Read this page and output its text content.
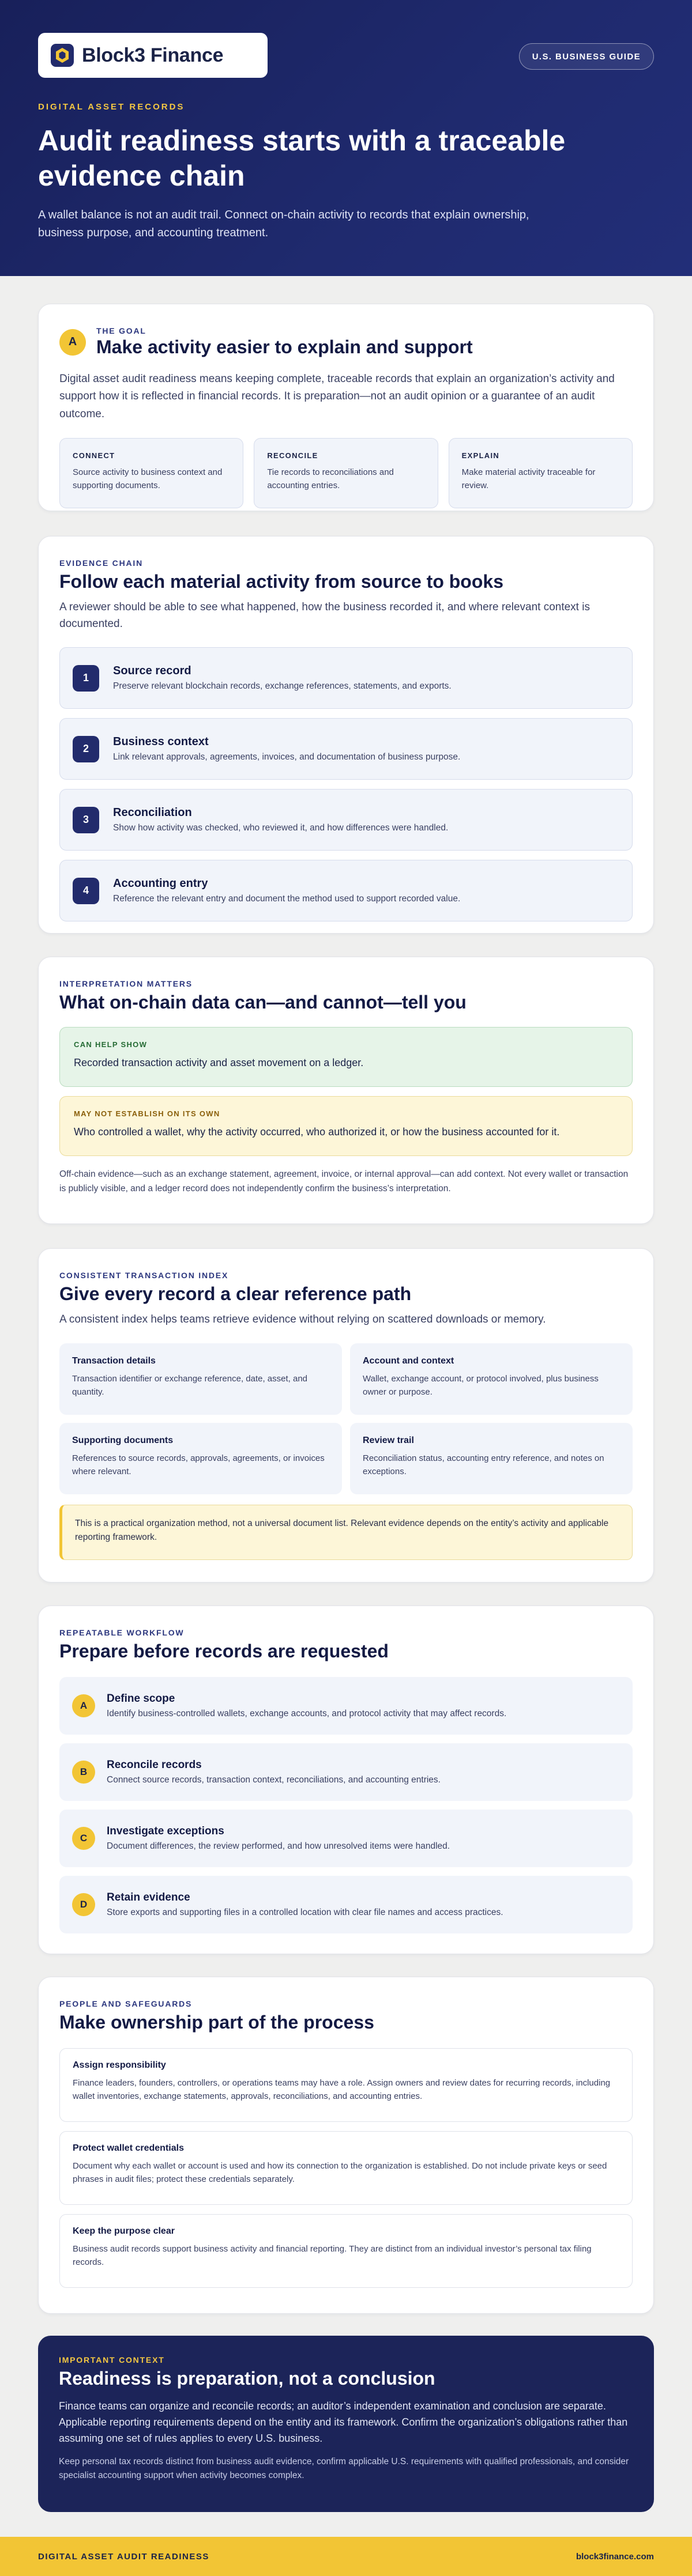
Block3 Finance	U.S. BUSINESS GUIDE
DIGITAL ASSET RECORDS
Audit readiness starts with a traceable evidence chain

A wallet balance is not an audit trail. Connect on-chain activity to records that explain ownership, business purpose, and accounting treatment.

A
THE GOAL
Make activity easier to explain and support

Digital asset audit readiness means keeping complete, traceable records that explain an organization’s activity and support how it is reflected in financial records. It is preparation—not an audit opinion or a guarantee of an audit outcome.

CONNECT
Source activity to business context and supporting documents.
RECONCILE
Tie records to reconciliations and accounting entries.
EXPLAIN
Make material activity traceable for review.
EVIDENCE CHAIN
Follow each material activity from source to books

A reviewer should be able to see what happened, how the business recorded it, and where relevant context is documented.

1
Source record
Preserve relevant blockchain records, exchange references, statements, and exports.
2
Business context
Link relevant approvals, agreements, invoices, and documentation of business purpose.
3
Reconciliation
Show how activity was checked, who reviewed it, and how differences were handled.
4
Accounting entry
Reference the relevant entry and document the method used to support recorded value.
INTERPRETATION MATTERS
What on-chain data can—and cannot—tell you
CAN HELP SHOW
Recorded transaction activity and asset movement on a ledger.
MAY NOT ESTABLISH ON ITS OWN
Who controlled a wallet, why the activity occurred, who authorized it, or how the business accounted for it.

Off-chain evidence—such as an exchange statement, agreement, invoice, or internal approval—can add context. Not every wallet or transaction is publicly visible, and a ledger record does not independently confirm the business’s interpretation.

CONSISTENT TRANSACTION INDEX
Give every record a clear reference path

A consistent index helps teams retrieve evidence without relying on scattered downloads or memory.

Transaction details
Transaction identifier or exchange reference, date, asset, and quantity.
Account and context
Wallet, exchange account, or protocol involved, plus business owner or purpose.
Supporting documents
References to source records, approvals, agreements, or invoices where relevant.
Review trail
Reconciliation status, accounting entry reference, and notes on exceptions.
This is a practical organization method, not a universal document list. Relevant evidence depends on the entity’s activity and applicable reporting framework.
REPEATABLE WORKFLOW
Prepare before records are requested
A
Define scope
Identify business-controlled wallets, exchange accounts, and protocol activity that may affect records.
B
Reconcile records
Connect source records, transaction context, reconciliations, and accounting entries.
C
Investigate exceptions
Document differences, the review performed, and how unresolved items were handled.
D
Retain evidence
Store exports and supporting files in a controlled location with clear file names and access practices.
PEOPLE AND SAFEGUARDS
Make ownership part of the process
Assign responsibility
Finance leaders, founders, controllers, or operations teams may have a role. Assign owners and review dates for recurring records, including wallet inventories, exchange statements, approvals, reconciliations, and accounting entries.
Protect wallet credentials
Document why each wallet or account is used and how its connection to the organization is established. Do not include private keys or seed phrases in audit files; protect these credentials separately.
Keep the purpose clear
Business audit records support business activity and financial reporting. They are distinct from an individual investor’s personal tax filing records.
IMPORTANT CONTEXT
Readiness is preparation, not a conclusion

Finance teams can organize and reconcile records; an auditor’s independent examination and conclusion are separate. Applicable reporting requirements depend on the entity and its framework. Confirm the organization’s obligations rather than assuming one set of rules applies to every U.S. business.

Keep personal tax records distinct from business audit evidence, confirm applicable U.S. requirements with qualified professionals, and consider specialist accounting support when activity becomes complex.

DIGITAL ASSET AUDIT READINESS	block3finance.com
